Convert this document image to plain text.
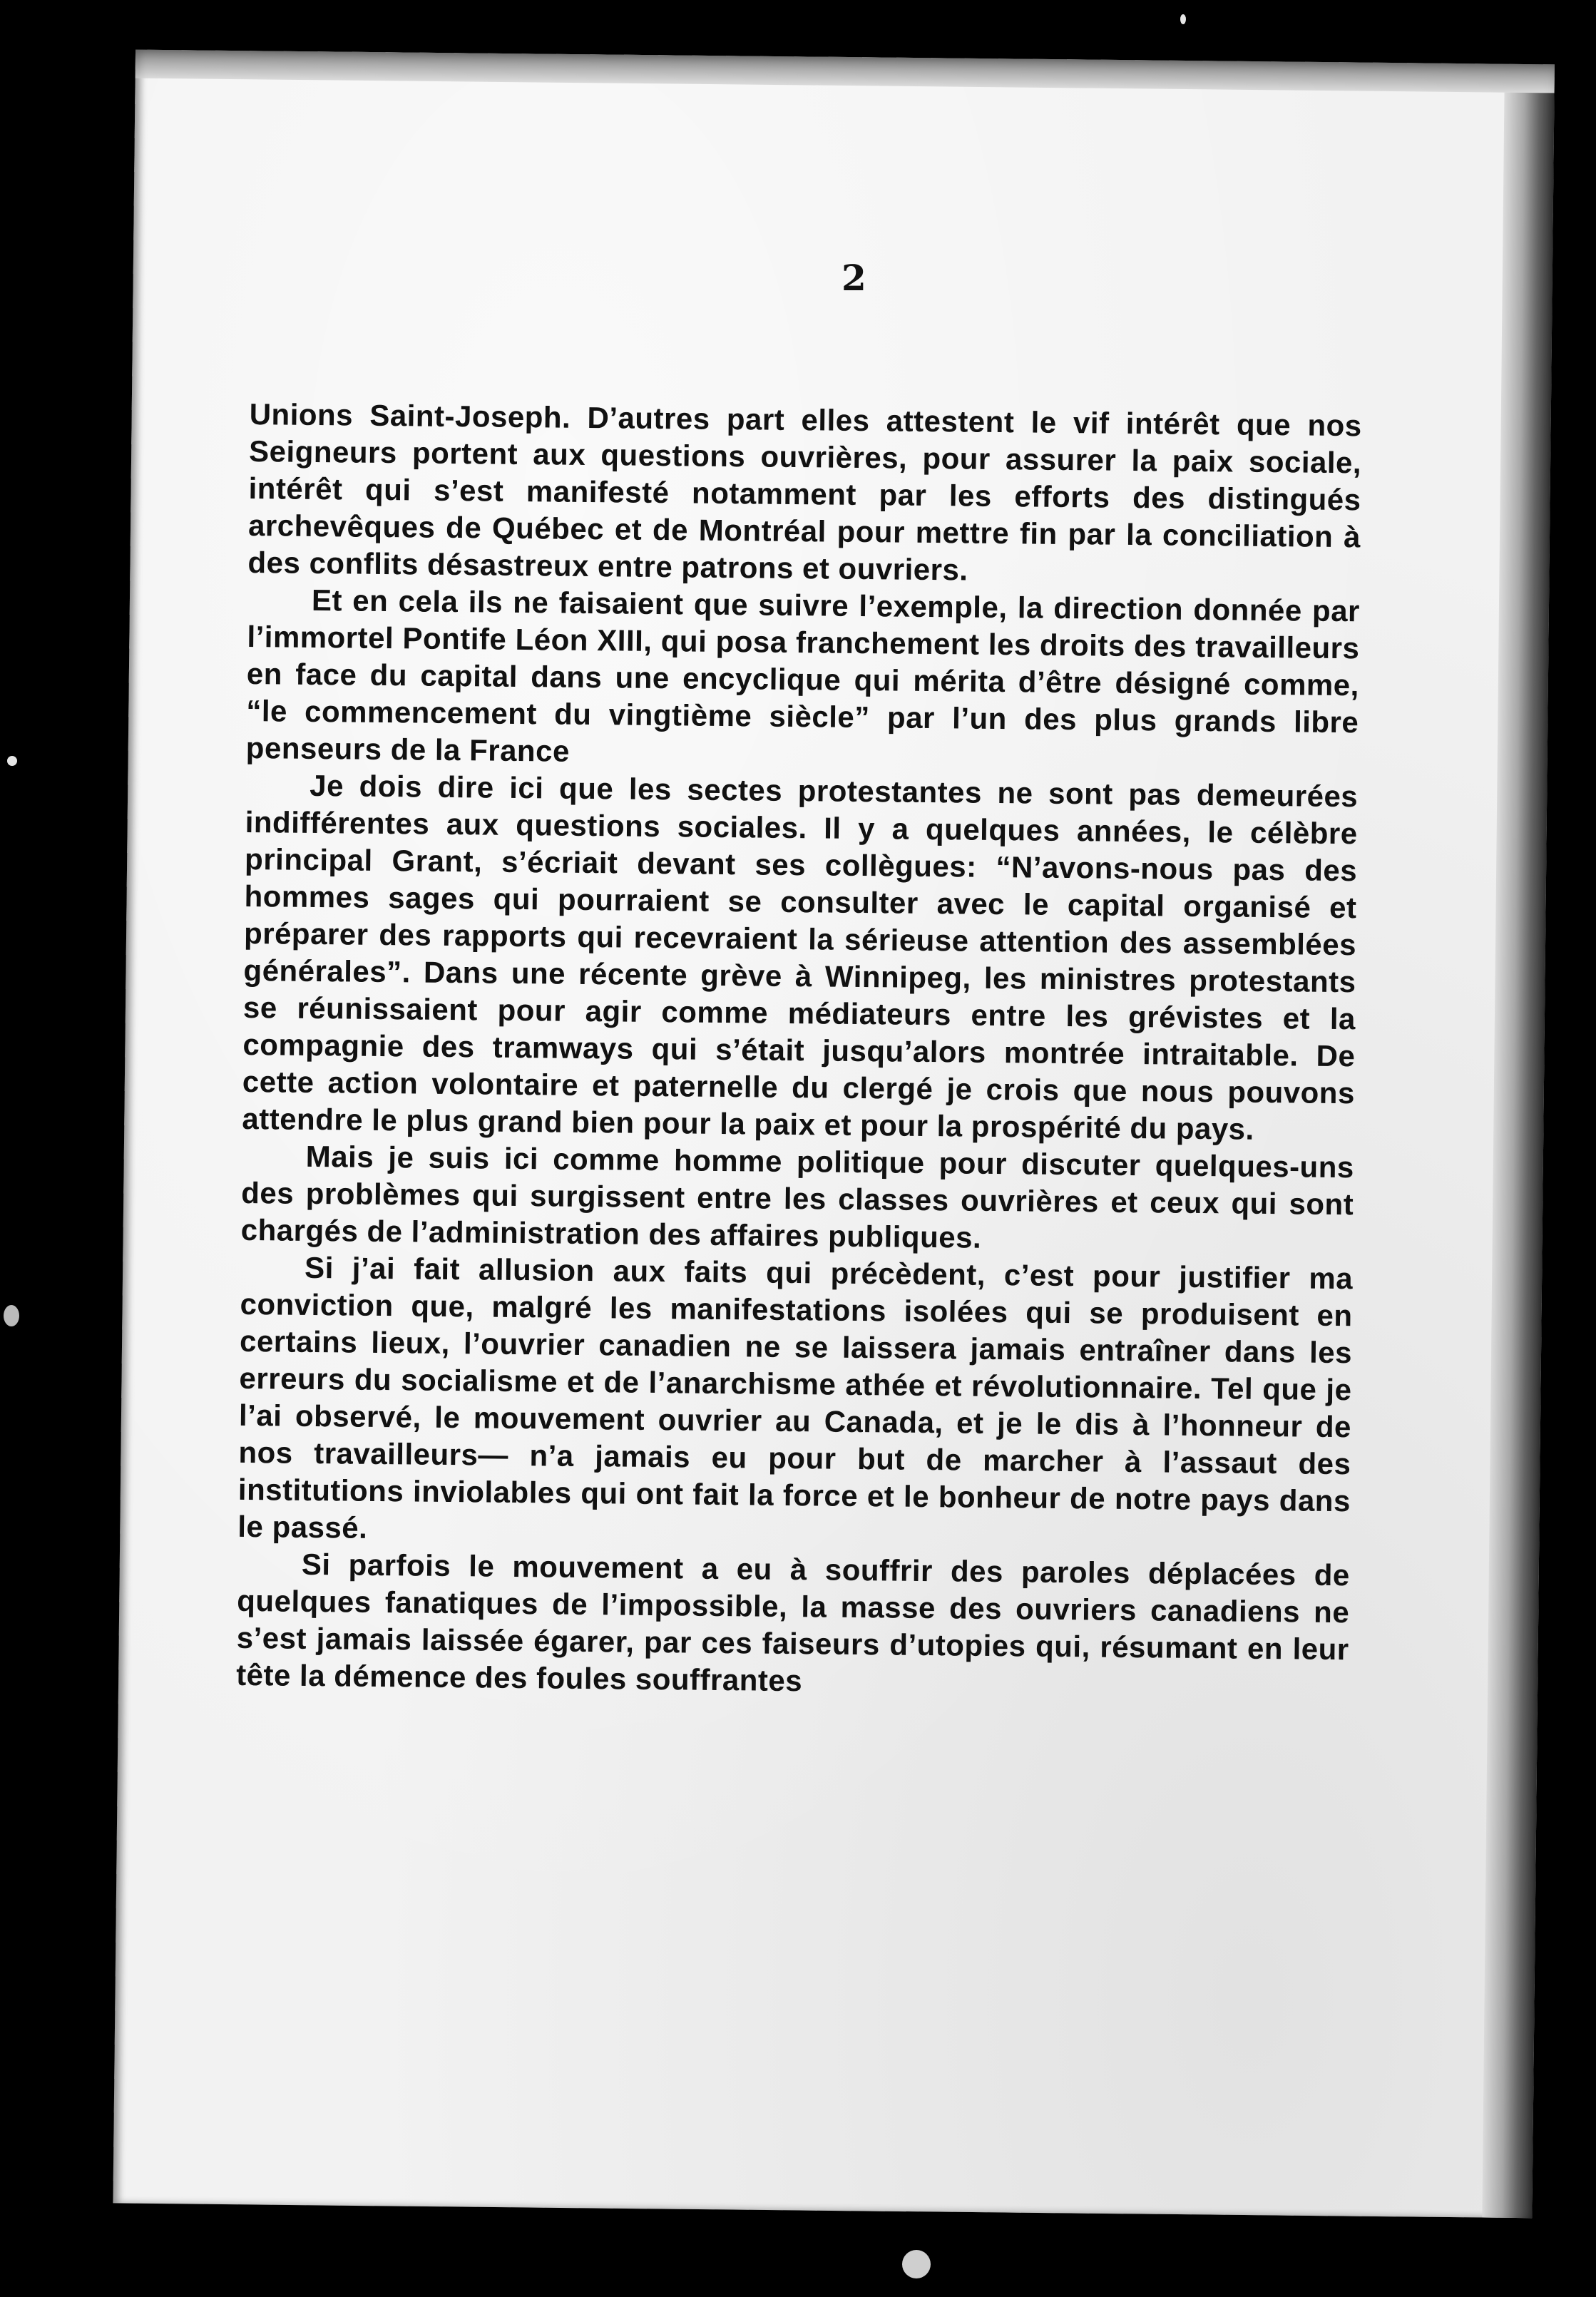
2

Unions Saint-Joseph. D’autres part elles attestent le vif intérêt que nos Seigneurs portent aux questions ouvrières, pour assurer la paix sociale, intérêt qui s’est manifesté notamment par les efforts des distingués archevêques de Québec et de Montréal pour mettre fin par la conciliation à des conflits désastreux entre patrons et ouvriers.

Et en cela ils ne faisaient que suivre l’exemple, la direction donnée par l’immortel Pontife Léon XIII, qui posa franchement les droits des travailleurs en face du capital dans une encyclique qui mérita d’être désigné comme, “le commencement du vingtième siècle” par l’un des plus grands libre penseurs de la France

Je dois dire ici que les sectes protestantes ne sont pas demeurées indifférentes aux questions sociales. Il y a quelques années, le célèbre principal Grant, s’écriait devant ses collègues: “N’avons-nous pas des hommes sages qui pourraient se consulter avec le capital organisé et préparer des rapports qui recevraient la sérieuse attention des assemblées générales”. Dans une récente grève à Winnipeg, les ministres protestants se réunissaient pour agir comme médiateurs entre les grévistes et la compagnie des tramways qui s’était jusqu’alors montrée intraitable. De cette action volontaire et paternelle du clergé je crois que nous pouvons attendre le plus grand bien pour la paix et pour la prospérité du pays.

Mais je suis ici comme homme politique pour discuter quelques-uns des problèmes qui surgissent entre les classes ouvrières et ceux qui sont chargés de l’administration des affaires publiques.

Si j’ai fait allusion aux faits qui précèdent, c’est pour justifier ma conviction que, malgré les manifestations isolées qui se produisent en certains lieux, l’ouvrier canadien ne se laissera jamais entraîner dans les erreurs du socialisme et de l’anarchisme athée et révolutionnaire. Tel que je l’ai observé, le mouvement ouvrier au Canada, et je le dis à l’honneur de nos travailleurs— n’a jamais eu pour but de marcher à l’assaut des institutions inviolables qui ont fait la force et le bonheur de notre pays dans le passé.

Si parfois le mouvement a eu à souffrir des paroles déplacées de quelques fanatiques de l’impossible, la masse des ouvriers canadiens ne s’est jamais laissée égarer, par ces faiseurs d’utopies qui, résumant en leur tête la démence des foules souffrantes
